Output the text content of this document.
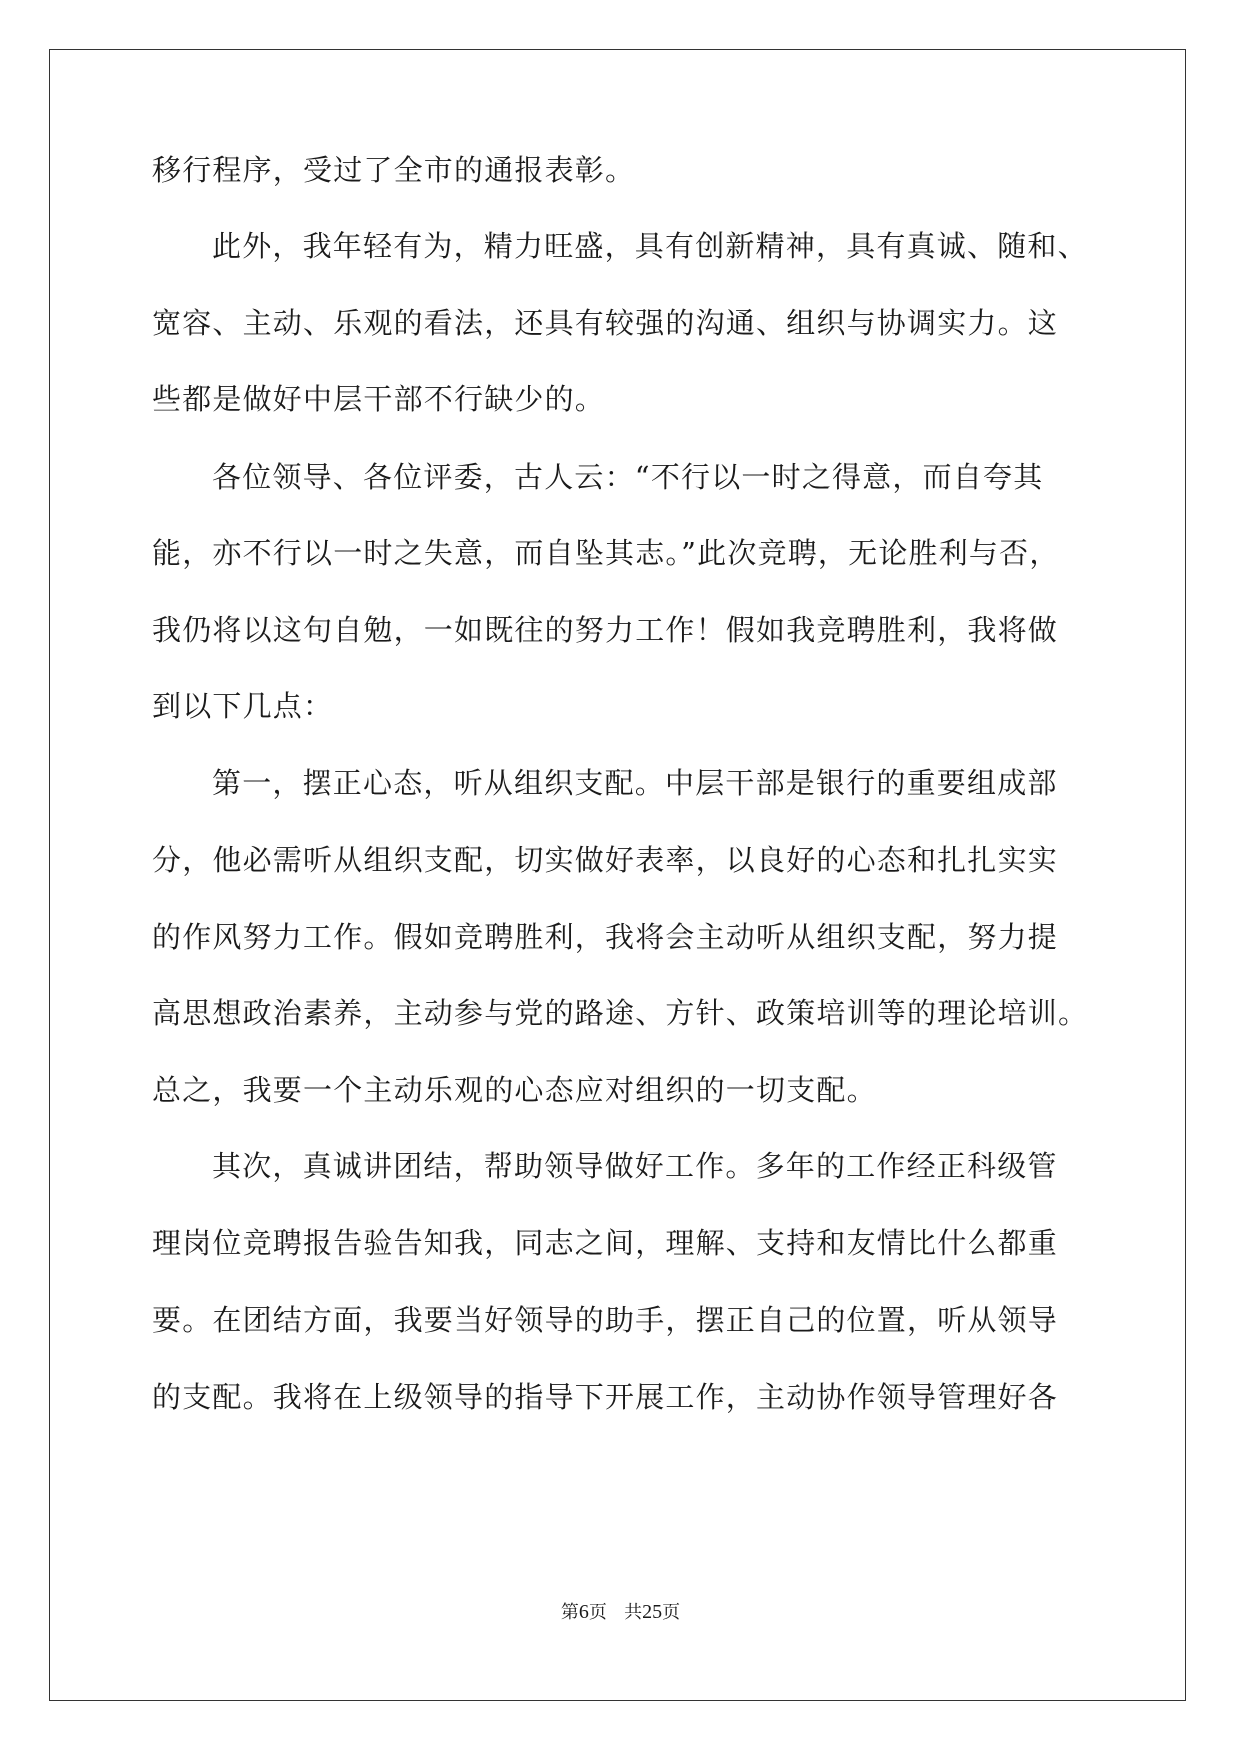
移行程序，受过了全市的通报表彰。
此外，我年轻有为，精力旺盛，具有创新精神，具有真诚、随和、
宽容、主动、乐观的看法，还具有较强的沟通、组织与协调实力。这
些都是做好中层干部不行缺少的。
各位领导、各位评委，古人云：“不行以一时之得意，而自夸其
能，亦不行以一时之失意，而自坠其志。”此次竞聘，无论胜利与否，
我仍将以这句自勉，一如既往的努力工作！假如我竞聘胜利，我将做
到以下几点：
第一，摆正心态，听从组织支配。中层干部是银行的重要组成部
分，他必需听从组织支配，切实做好表率，以良好的心态和扎扎实实
的作风努力工作。假如竞聘胜利，我将会主动听从组织支配，努力提
高思想政治素养，主动参与党的路途、方针、政策培训等的理论培训。
总之，我要一个主动乐观的心态应对组织的一切支配。
其次，真诚讲团结，帮助领导做好工作。多年的工作经正科级管
理岗位竞聘报告验告知我，同志之间，理解、支持和友情比什么都重
要。在团结方面，我要当好领导的助手，摆正自己的位置，听从领导
的支配。我将在上级领导的指导下开展工作，主动协作领导管理好各
第6页   共25页
